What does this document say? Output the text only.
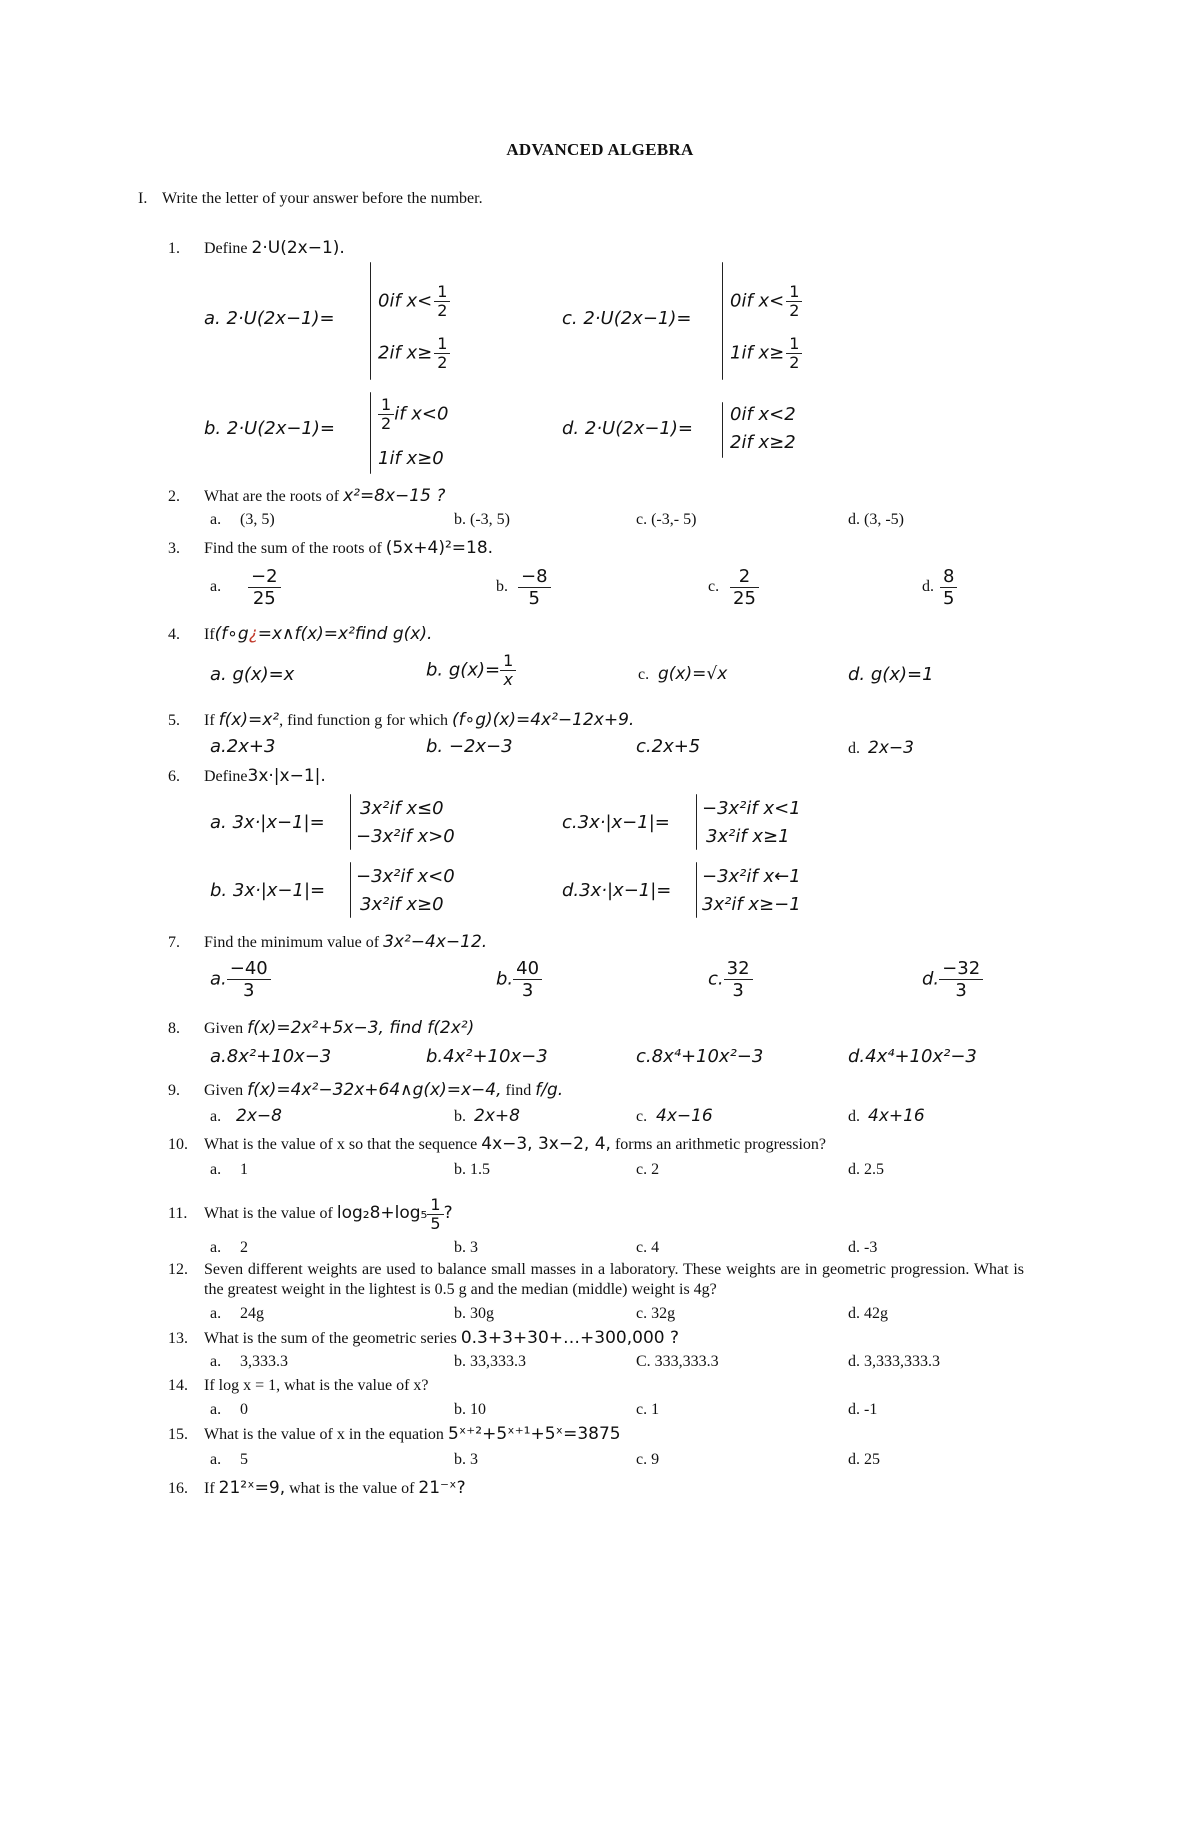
ADVANCED ALGEBRA
I. Write the letter of your answer before the number.
1. Define 2·U(2x−1).
a. 2·U(2x−1)=
0if $x< \frac{1}{2}$
2if $x\ge \frac{1}{2}$
c. 2·U(2x−1)=
0if $x< \frac{1}{2}$
1if $x\ge \frac{1}{2}$
b. 2·U(2x−1)=	$\frac{1}{2}$ if x<0
1if x≥0
d. 2·U(2x−1)=
0if x<2
2if x≥2
2. What are the roots of x²=8x−15 ?
a. (3, 5)	b. (-3, 5)	c. (-3,- 5)	d. (3, -5)
3. Find the sum of the roots of (5x+4)²=18.
a. $\frac{-2}{25}$	b. $\frac{-8}{5}$	c. $\frac{2}{25}$	d. $\frac{8}{5}$
4. If(f∘g¿=x∧f(x)=x²find g(x).
a. g(x)=x	b. $g(x)= \frac{1}{x}$	c. g(x)=√x	d. g(x)=1
5. If f(x)=x², find function g for which (f∘g)(x)=4x²−12x+9.
a.2x+3	b. −2x−3	c.2x+5	d. 2x−3
6. Define3x·|x−1|.
a. 3x·|x−1|=
3x²if x≤0
−3x²if x>0
c.3x·|x−1|=
−3x²if x<1
3x²if x≥1
b. 3x·|x−1|=
−3x²if x<0
3x²if x≥0
d.3x·|x−1|=
−3x²if x←1
3x²if x≥−1
7. Find the minimum value of 3x²−4x−12.
a. $\frac{-40}{3}$	b. $\frac{40}{3}$	c. $\frac{32}{3}$	d. $\frac{-32}{3}$
8. Given f(x)=2x²+5x−3, find f(2x²)
a.8x²+10x−3	b.4x²+10x−3	c.8x⁴+10x²−3	d.4x⁴+10x²−3
9. Given f(x)=4x²−32x+64∧g(x)=x−4, find f/g.
a. 2x−8	b. 2x+8	c. 4x−16	d. 4x+16
10. What is the value of x so that the sequence 4x−3, 3x−2, 4, forms an arithmetic progression?
a. 1	b. 1.5	c. 2	d. 2.5
11. What is the value of $\log_28+\log_5 \frac{1}{5}$ ?
a. 2	b. 3	c. 4	d. -3
12.	Seven different weights are used to balance small masses in a laboratory. These weights are in geometric progression. What is the greatest weight in the lightest is 0.5 g and the median (middle) weight is 4g?
a. 24g	b. 30g	c. 32g	d. 42g
13. What is the sum of the geometric series 0.3+3+30+…+300,000 ?
a. 3,333.3	b. 33,333.3	C. 333,333.3	d. 3,333,333.3
14. If log x = 1, what is the value of x?
a. 0	b. 10	c. 1	d. -1
15. What is the value of x in the equation 5ˣ⁺²+5ˣ⁺¹+5ˣ=3875
a. 5	b. 3	c. 9	d. 25
16. If 21²ˣ=9, what is the value of 21⁻ˣ?
